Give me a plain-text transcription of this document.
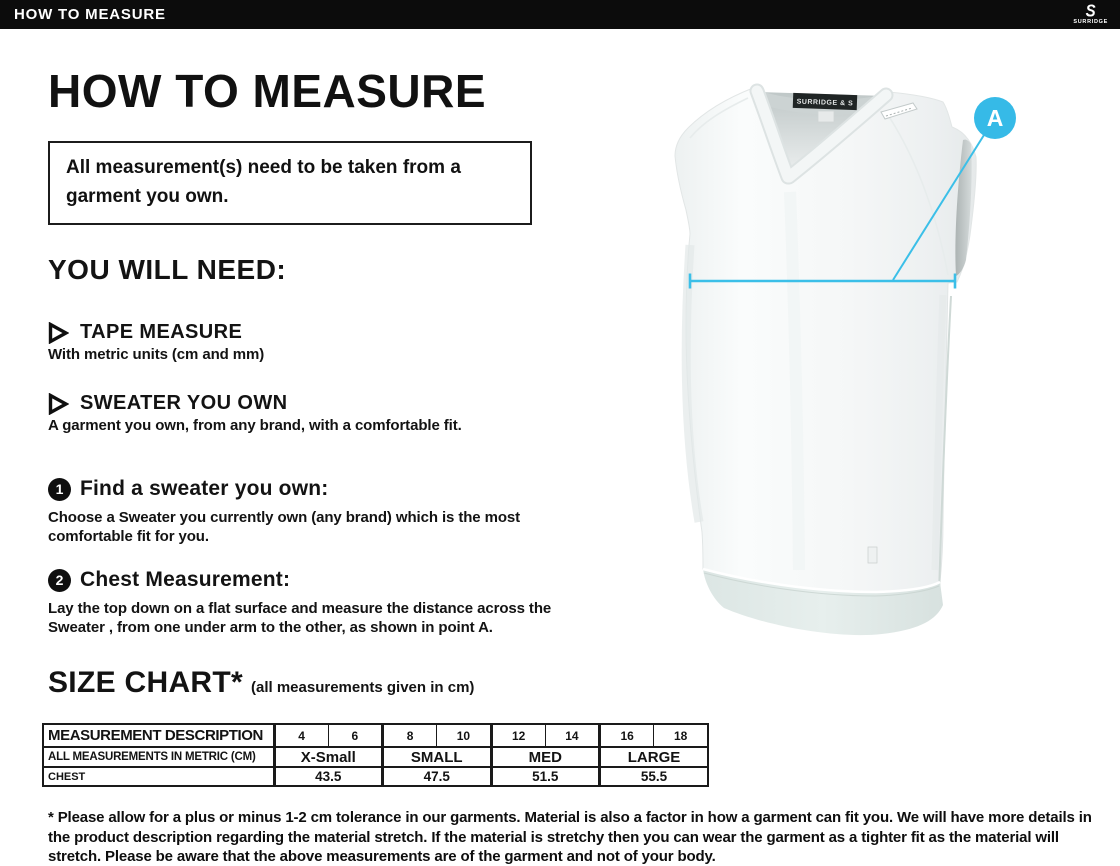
HOW TO MEASURE	S
SURRIDGE
HOW TO MEASURE
All measurement(s) need to be taken from a garment you own.
YOU WILL NEED:
TAPE MEASURE
With metric units (cm and mm)
SWEATER YOU OWN
A garment you own, from any brand, with a comfortable fit.
1 Find a sweater you own:
Choose a Sweater you currently own (any brand) which is the most comfortable fit for you.
2 Chest Measurement:
Lay the top down on a flat surface and measure the distance across the Sweater , from one under arm to the other, as shown in point A.
SIZE CHART* (all measurements given in cm)
MEASUREMENT DESCRIPTION	4	6	8	10	12	14	16	18
ALL MEASUREMENTS IN METRIC (CM)	X-Small		SMALL		MED		LARGE	
CHEST	43.5		47.5		51.5		55.5	
* Please allow for a plus or minus 1-2 cm tolerance in our garments. Material is also a factor in how a garment can fit you. We will have more details in the product description regarding the material stretch. If the material is stretchy then you can wear the garment as a tighter fit as the material will stretch. Please be aware that the above measurements are of the garment and not of your body.
SURRIDGE & S
A
